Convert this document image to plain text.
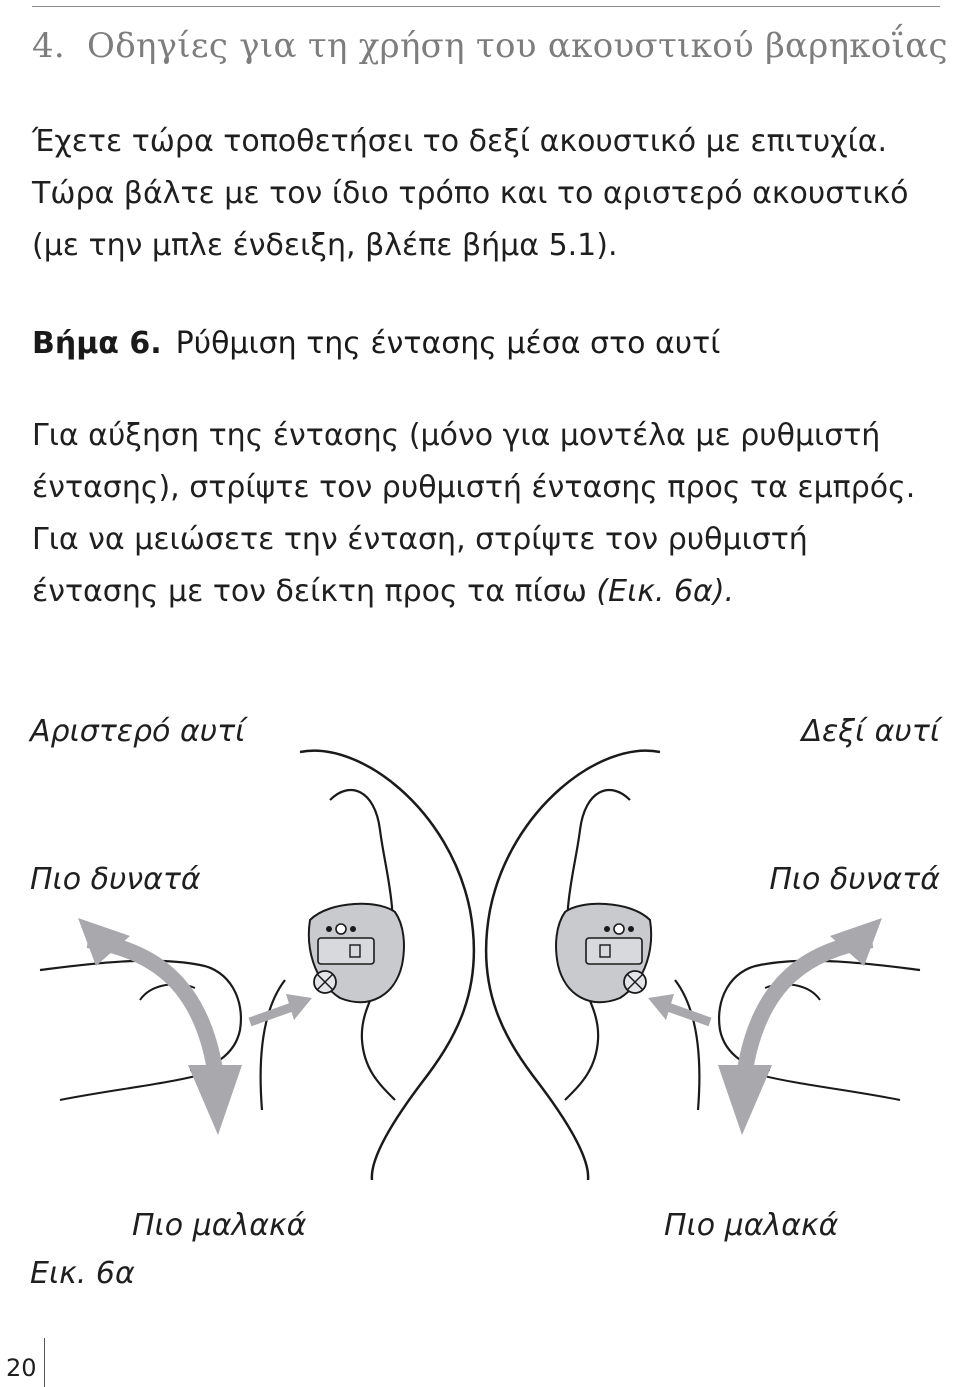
4. Οδηγίες για τη χρήση του ακουστικού βαρηκοΐας

Έχετε τώρα τοποθετήσει το δεξί ακουστικό με επιτυχία. Τώρα βάλτε με τον ίδιο τρόπο και το αριστερό ακουστικό (με την μπλε ένδειξη, βλέπε βήμα 5.1).

Βήμα 6. Ρύθμιση της έντασης μέσα στο αυτί

Για αύξηση της έντασης (μόνο για μοντέλα με ρυθμιστή έντασης), στρίψτε τον ρυθμιστή έντασης προς τα εμπρός. Για να μειώσετε την ένταση, στρίψτε τον ρυθμιστή έντασης με τον δείκτη προς τα πίσω (Εικ. 6α).

Αριστερό αυτί	Δεξί αυτί
Πιο δυνατά	Πιο δυνατά
Πιο μαλακά	Πιο μαλακά
Εικ. 6α
20
